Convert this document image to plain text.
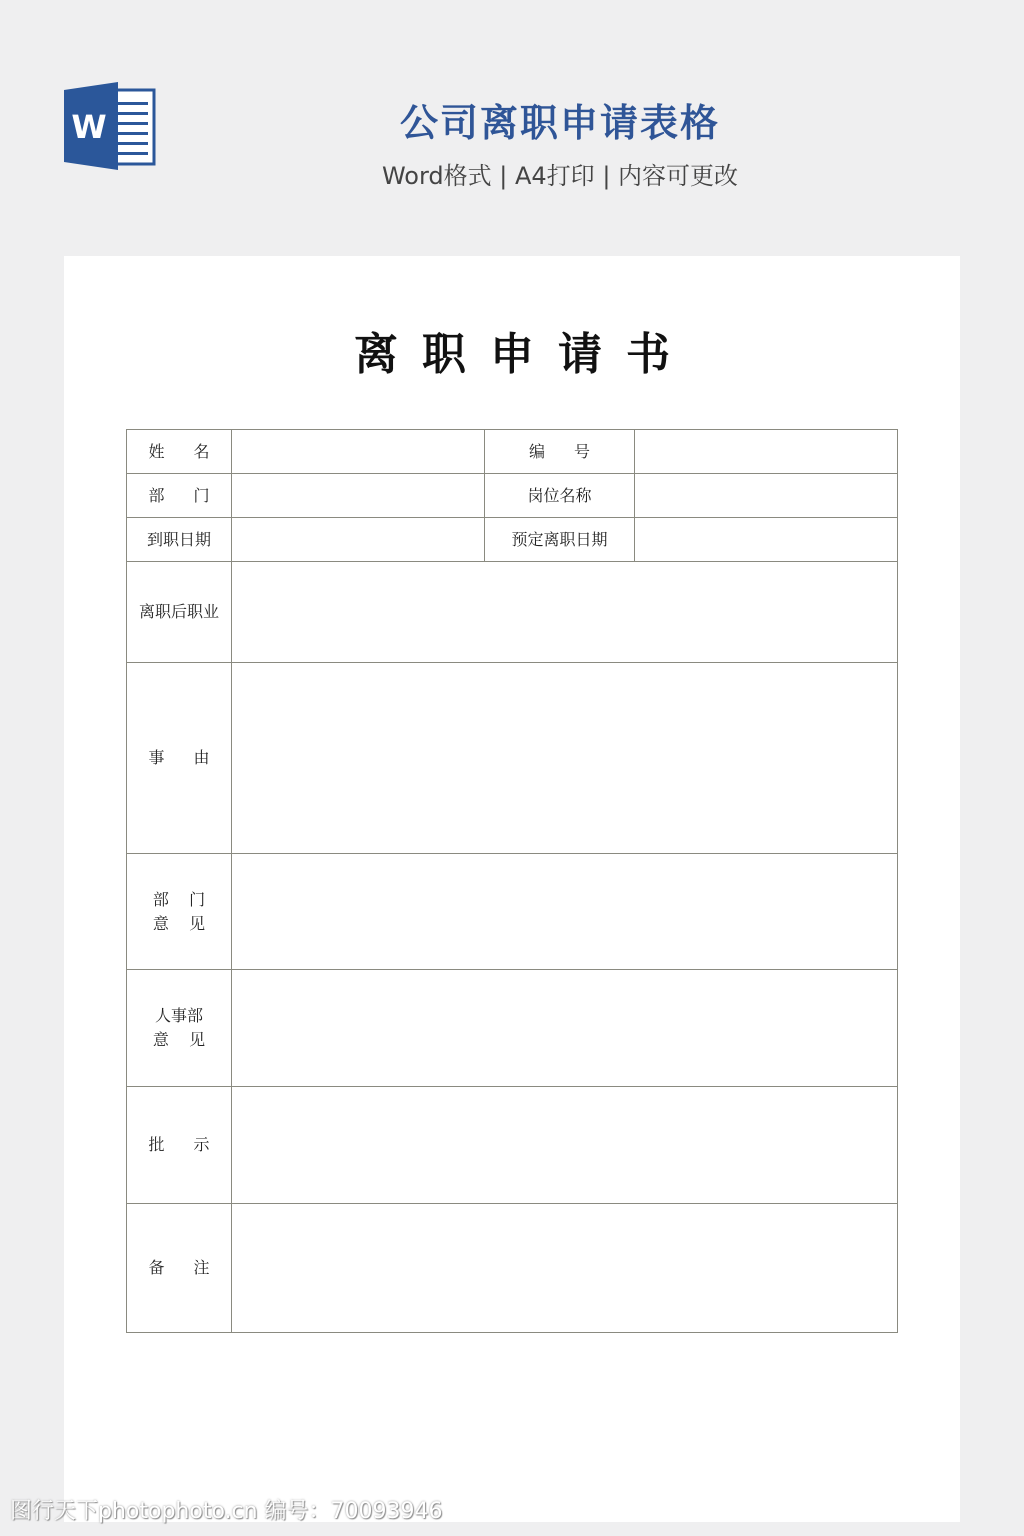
W	公司离职申请表格
Word格式 | A4打印 | 内容可更改
离职申请书
姓 名		编 号	
部 门		岗位名称	
到职日期		预定离职日期	
离职后职业			
事 由			

部    门
意    见			

人事部
意    见			

批 示			
备 注			
图行天下photophoto.cn 编号：70093946
